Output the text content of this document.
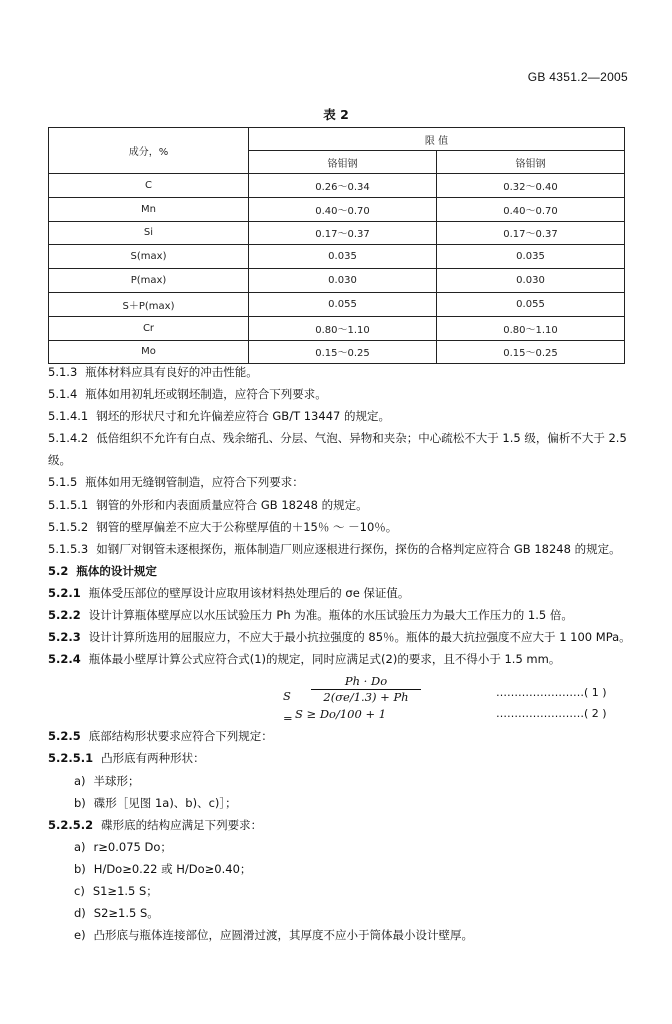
GB 4351.2—2005
表 2
成分，%	限 值	
	铬钼钢	铬钼钢
C	0.26～0.34	0.32～0.40
Mn	0.40～0.70	0.40～0.70
Si	0.17～0.37	0.17～0.37
S(max)	0.035	0.035
P(max)	0.030	0.030
S＋P(max)	0.055	0.055
Cr	0.80～1.10	0.80～1.10
Mo	0.15～0.25	0.15～0.25

5.1.3 瓶体材料应具有良好的冲击性能。

5.1.4 瓶体如用初轧坯或钢坯制造，应符合下列要求。

5.1.4.1 钢坯的形状尺寸和允许偏差应符合 GB/T 13447 的规定。

5.1.4.2 低倍组织不允许有白点、残余缩孔、分层、气泡、异物和夹杂；中心疏松不大于 1.5 级，偏析不大于 2.5 级。

5.1.5 瓶体如用无缝钢管制造，应符合下列要求：

5.1.5.1 钢管的外形和内表面质量应符合 GB 18248 的规定。

5.1.5.2 钢管的壁厚偏差不应大于公称壁厚值的＋15％ ～ －10％。

5.1.5.3 如钢厂对钢管未逐根探伤，瓶体制造厂则应逐根进行探伤，探伤的合格判定应符合 GB 18248 的规定。

5.2 瓶体的设计规定

5.2.1 瓶体受压部位的壁厚设计应取用该材料热处理后的 σe 保证值。

5.2.2 设计计算瓶体壁厚应以水压试验压力 Ph 为准。瓶体的水压试验压力为最大工作压力的 1.5 倍。

5.2.3 设计计算所选用的屈服应力，不应大于最小抗拉强度的 85％。瓶体的最大抗拉强度不应大于 1 100 MPa。

5.2.4 瓶体最小壁厚计算公式应符合式(1)的规定，同时应满足式(2)的要求，且不得小于 1.5 mm。

S =
$\frac{Ph \cdot Do}{2(\sigma e/1.3) + Ph}$	……………………( 1 )
S ≥ Do/100 + 1	……………………( 2 )

5.2.5 底部结构形状要求应符合下列规定：

5.2.5.1 凸形底有两种形状：

a) 半球形；

b) 碟形［见图 1a)、b)、c)］；

5.2.5.2 碟形底的结构应满足下列要求：

a) r≥0.075 Do；

b) H/Do≥0.22 或 H/Do≥0.40；

c) S1≥1.5 S；

d) S2≥1.5 S。

e) 凸形底与瓶体连接部位，应圆滑过渡，其厚度不应小于筒体最小设计壁厚。
